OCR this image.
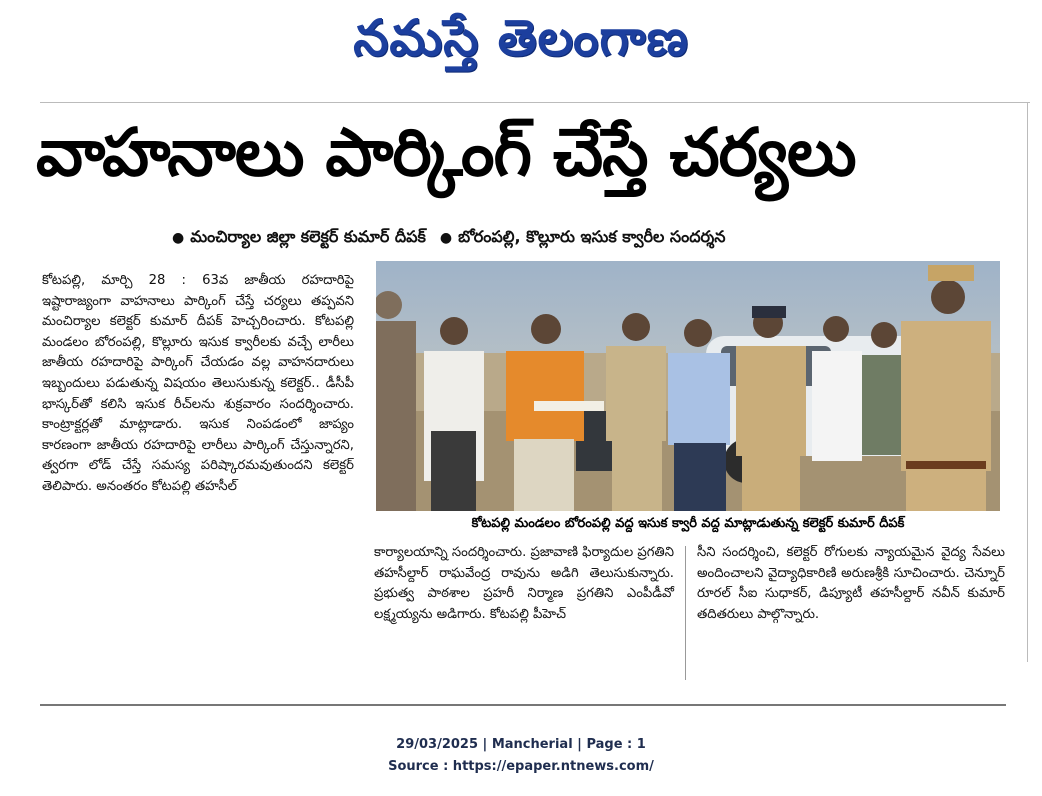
నమస్తే తెలంగాణ
వాహనాలు పార్కింగ్ చేస్తే చర్యలు
● మంచిర్యాల జిల్లా కలెక్టర్ కుమార్ దీపక్ ● బోరంపల్లి, కొల్లూరు ఇసుక క్వారీల సందర్శన
కోటపల్లి, మార్చి 28 : 63వ జాతీయ రహదారిపై ఇష్టారాజ్యంగా వాహనాలు పార్కింగ్ చేస్తే చర్యలు తప్పవని మంచిర్యాల కలెక్టర్ కుమార్ దీపక్ హెచ్చరించారు. కోటపల్లి మండలం బోరంపల్లి, కొల్లూరు ఇసుక క్వారీలకు వచ్చే లారీలు జాతీయ రహదారిపై పార్కింగ్ చేయడం వల్ల వాహనదారులు ఇబ్బందులు పడుతున్న విషయం తెలుసుకున్న కలెక్టర్.. డీసీపీ భాస్కర్‌తో కలిసి ఇసుక రీచ్‌లను శుక్రవారం సందర్శించారు. కాంట్రాక్టర్లతో మాట్లాడారు. ఇసుక నింపడంలో జాప్యం కారణంగా జాతీయ రహదారిపై లారీలు పార్కింగ్ చేస్తున్నారని, త్వరగా లోడ్ చేస్తే సమస్య పరిష్కారమవుతుందని కలెక్టర్ తెలిపారు. అనంతరం కోటపల్లి తహసీల్
కోటపల్లి మండలం బోరంపల్లి వద్ద ఇసుక క్వారీ వద్ద మాట్లాడుతున్న కలెక్టర్ కుమార్ దీపక్
కార్యాలయాన్ని సందర్శించారు. ప్రజావాణి ఫిర్యాదుల ప్రగతిని తహసీల్దార్ రాఘవేంద్ర రావును అడిగి తెలుసుకున్నారు. ప్రభుత్వ పాఠశాల ప్రహరీ నిర్మాణ ప్రగతిని ఎంపీడీవో లక్ష్మయ్యను అడిగారు. కోటపల్లి పీహెచ్
సీని సందర్శించి, కలెక్టర్ రోగులకు న్యాయమైన వైద్య సేవలు అందించాలని వైద్యాధికారిణి అరుణశ్రీకి సూచించారు. చెన్నూర్ రూరల్ సీఐ సుధాకర్, డిప్యూటీ తహసీల్దార్ నవీన్ కుమార్ తదితరులు పాల్గొన్నారు.
29/03/2025 | Mancherial | Page : 1
Source : https://epaper.ntnews.com/
